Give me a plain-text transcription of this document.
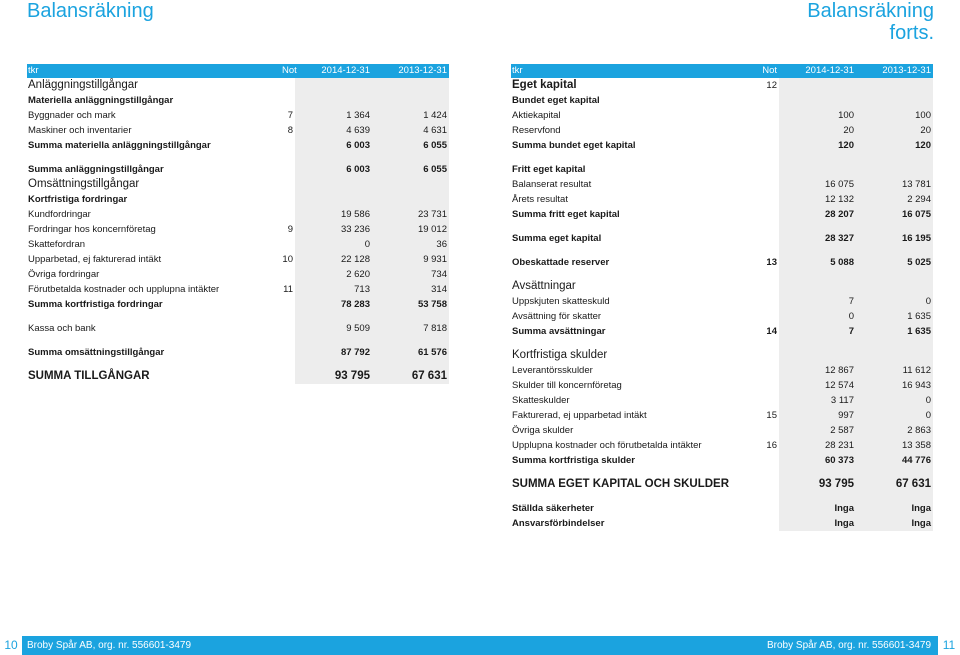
Balansräkning	Balansräkning
forts.
tkr	Not	2014-12-31	2013-12-31
Anläggningstillgångar			
Materiella anläggningstillgångar			
Byggnader och mark	7	1 364	1 424
Maskiner och inventarier	8	4 639	4 631
Summa materiella anläggningstillgångar		6 003	6 055

Summa anläggningstillgångar		6 003	6 055
Omsättningstillgångar			
Kortfristiga fordringar			
Kundfordringar		19 586	23 731
Fordringar hos koncernföretag	9	33 236	19 012
Skattefordran		0	36
Upparbetad, ej fakturerad intäkt	10	22 128	9 931
Övriga fordringar		2 620	734
Förutbetalda kostnader och upplupna intäkter	11	713	314
Summa kortfristiga fordringar		78 283	53 758

Kassa och bank		9 509	7 818

Summa omsättningstillgångar		87 792	61 576

SUMMA TILLGÅNGAR		93 795	67 631
tkr	Not	2014-12-31	2013-12-31
Eget kapital	12		
Bundet eget kapital			
Aktiekapital		100	100
Reservfond		20	20
Summa bundet eget kapital		120	120

Fritt eget kapital			
Balanserat resultat		16 075	13 781
Årets resultat		12 132	2 294
Summa fritt eget kapital		28 207	16 075

Summa eget kapital		28 327	16 195

Obeskattade reserver	13	5 088	5 025

Avsättningar			
Uppskjuten skatteskuld		7	0
Avsättning för skatter		0	1 635
Summa avsättningar	14	7	1 635

Kortfristiga skulder			
Leverantörsskulder		12 867	11 612
Skulder till koncernföretag		12 574	16 943
Skatteskulder		3 117	0
Fakturerad, ej upparbetad intäkt	15	997	0
Övriga skulder		2 587	2 863
Upplupna kostnader och förutbetalda intäkter	16	28 231	13 358
Summa kortfristiga skulder		60 373	44 776

SUMMA EGET KAPITAL OCH SKULDER		93 795	67 631

Ställda säkerheter		Inga	Inga
Ansvarsförbindelser		Inga	Inga
10 Broby Spår AB, org. nr. 556601-3479	Broby Spår AB, org. nr. 556601-3479 11
